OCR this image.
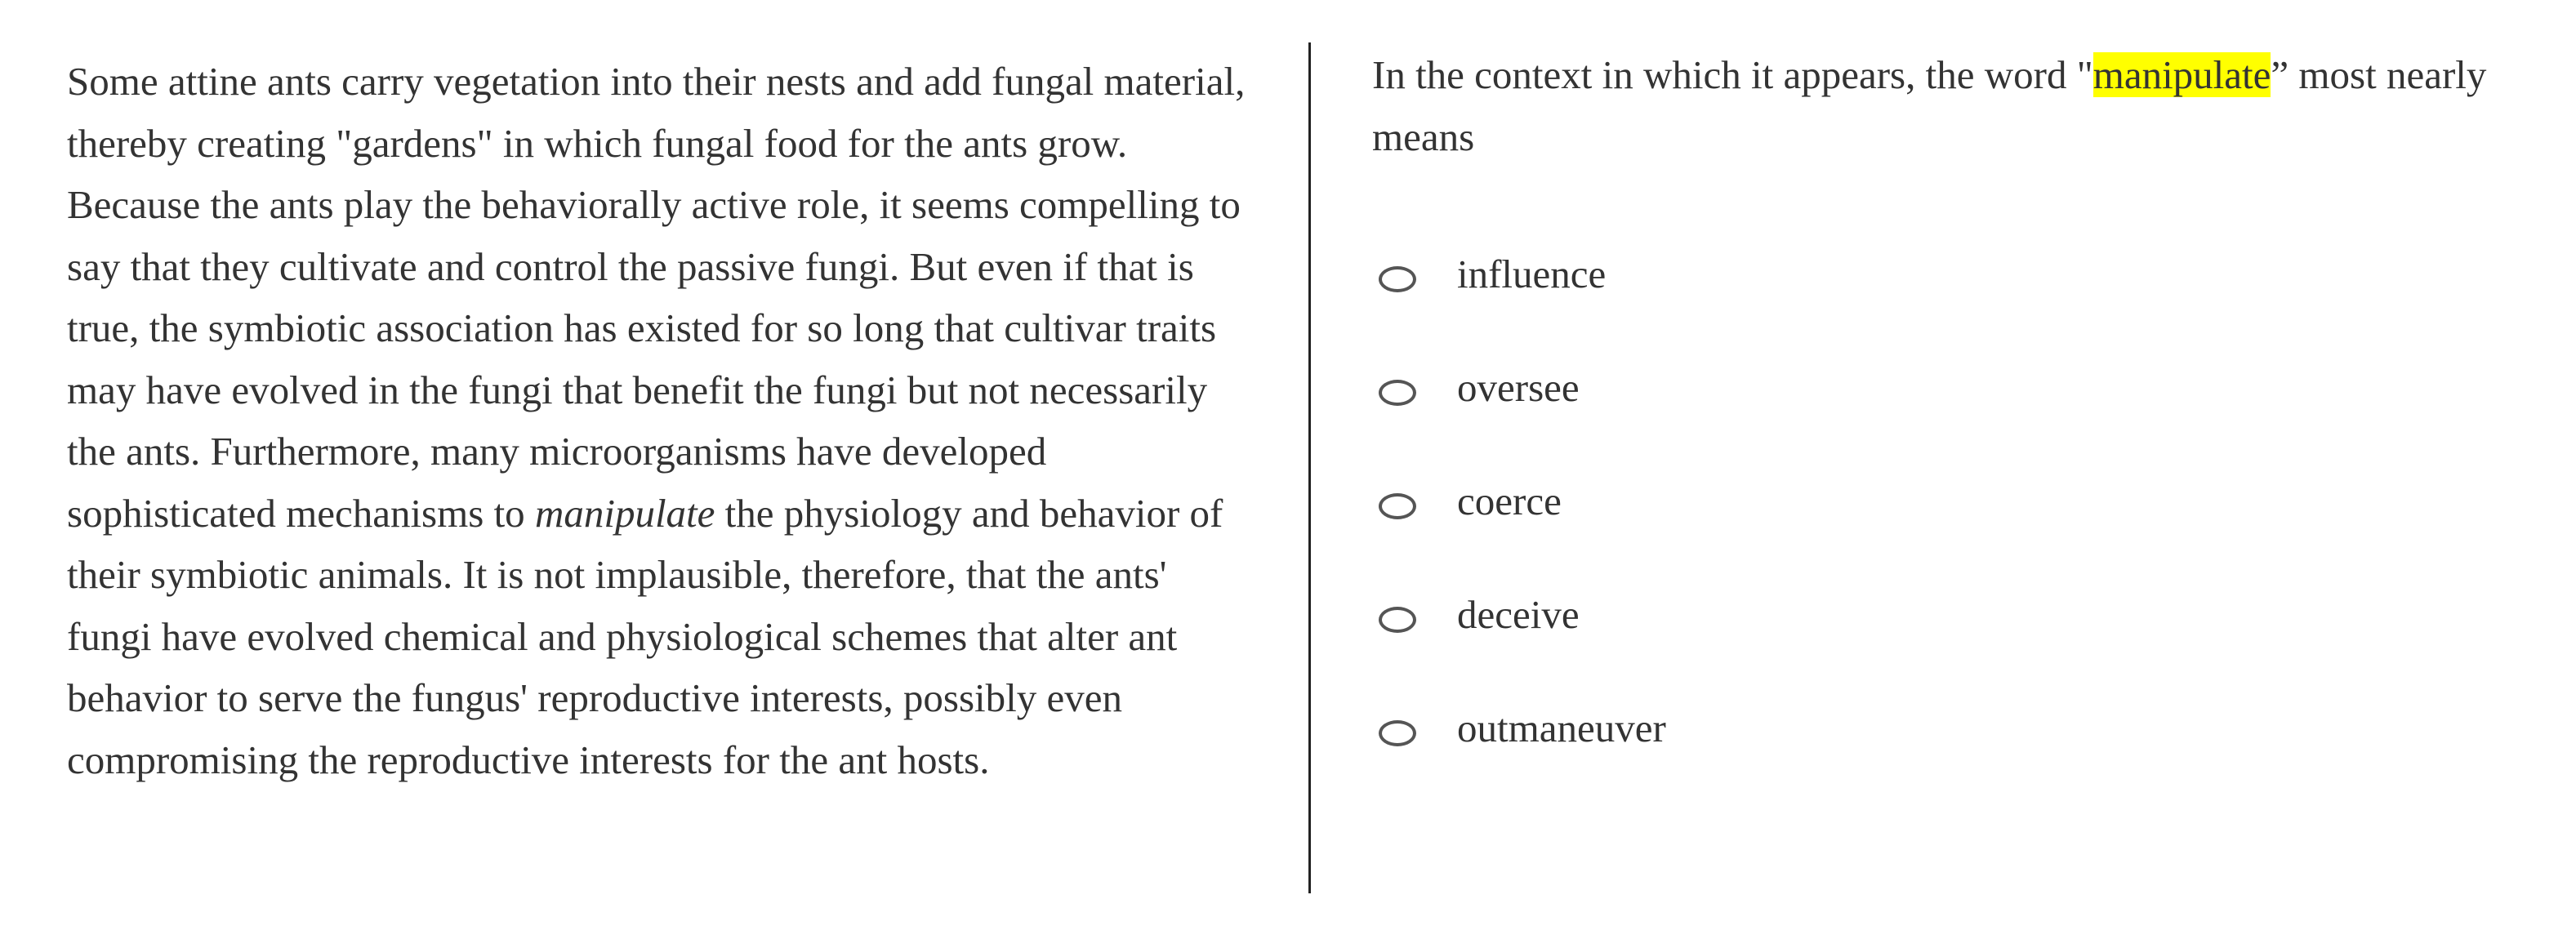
Some attine ants carry vegetation into their nests and add fungal material, thereby creating "gardens" in which fungal food for the ants grow. Because the ants play the behaviorally active role, it seems compelling to say that they cultivate and control the passive fungi. But even if that is true, the symbiotic association has existed for so long that cultivar traits may have evolved in the fungi that benefit the fungi but not necessarily the ants. Furthermore, many microorganisms have developed sophisticated mechanisms to manipulate the physiology and behavior of their symbiotic animals. It is not implausible, therefore, that the ants' fungi have evolved chemical and physiological schemes that alter ant behavior to serve the fungus' reproductive interests, possibly even compromising the reproductive interests for the ant hosts.

In the context in which it appears, the word "manipulate” most nearly means

influence
oversee
coerce
deceive
outmaneuver
